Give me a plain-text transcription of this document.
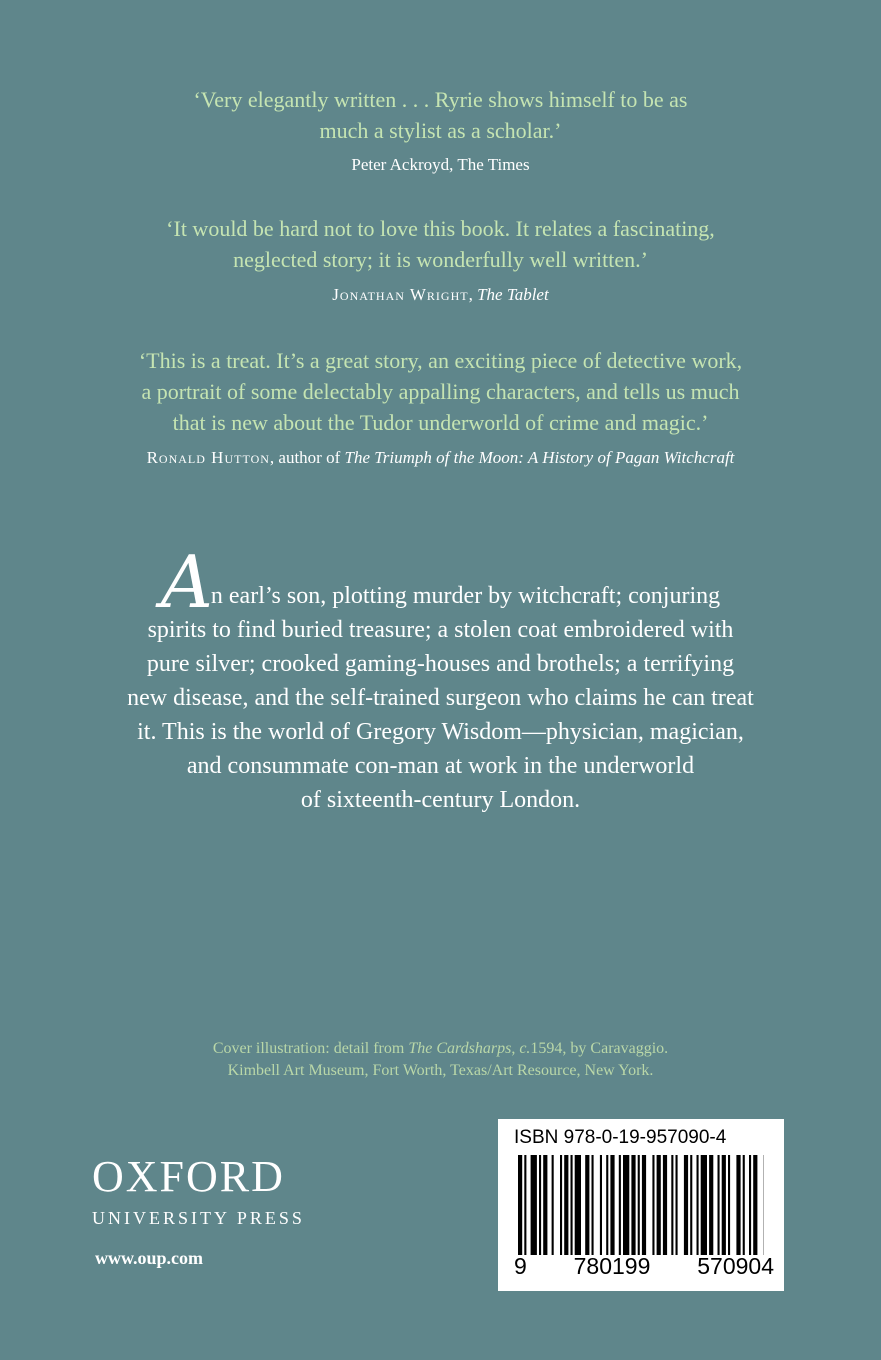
‘Very elegantly written . . . Ryrie shows himself to be as
much a stylist as a scholar.’
Peter Ackroyd, The Times
‘It would be hard not to love this book. It relates a fascinating,
neglected story; it is wonderfully well written.’
Jonathan Wright, The Tablet
‘This is a treat. It’s a great story, an exciting piece of detective work,
a portrait of some delectably appalling characters, and tells us much
that is new about the Tudor underworld of crime and magic.’
Ronald Hutton, author of The Triumph of the Moon: A History of Pagan Witchcraft
An earl’s son, plotting murder by witchcraft; conjuring
spirits to find buried treasure; a stolen coat embroidered with
pure silver; crooked gaming-houses and brothels; a terrifying
new disease, and the self-trained surgeon who claims he can treat
it. This is the world of Gregory Wisdom—physician, magician,
and consummate con-man at work in the underworld
of sixteenth-century London.
Cover illustration: detail from The Cardsharps, c.1594, by Caravaggio.
Kimbell Art Museum, Fort Worth, Texas/Art Resource, New York.
OXFORD
UNIVERSITY PRESS
www.oup.com
ISBN 978-0-19-957090-4
9 780199 570904
